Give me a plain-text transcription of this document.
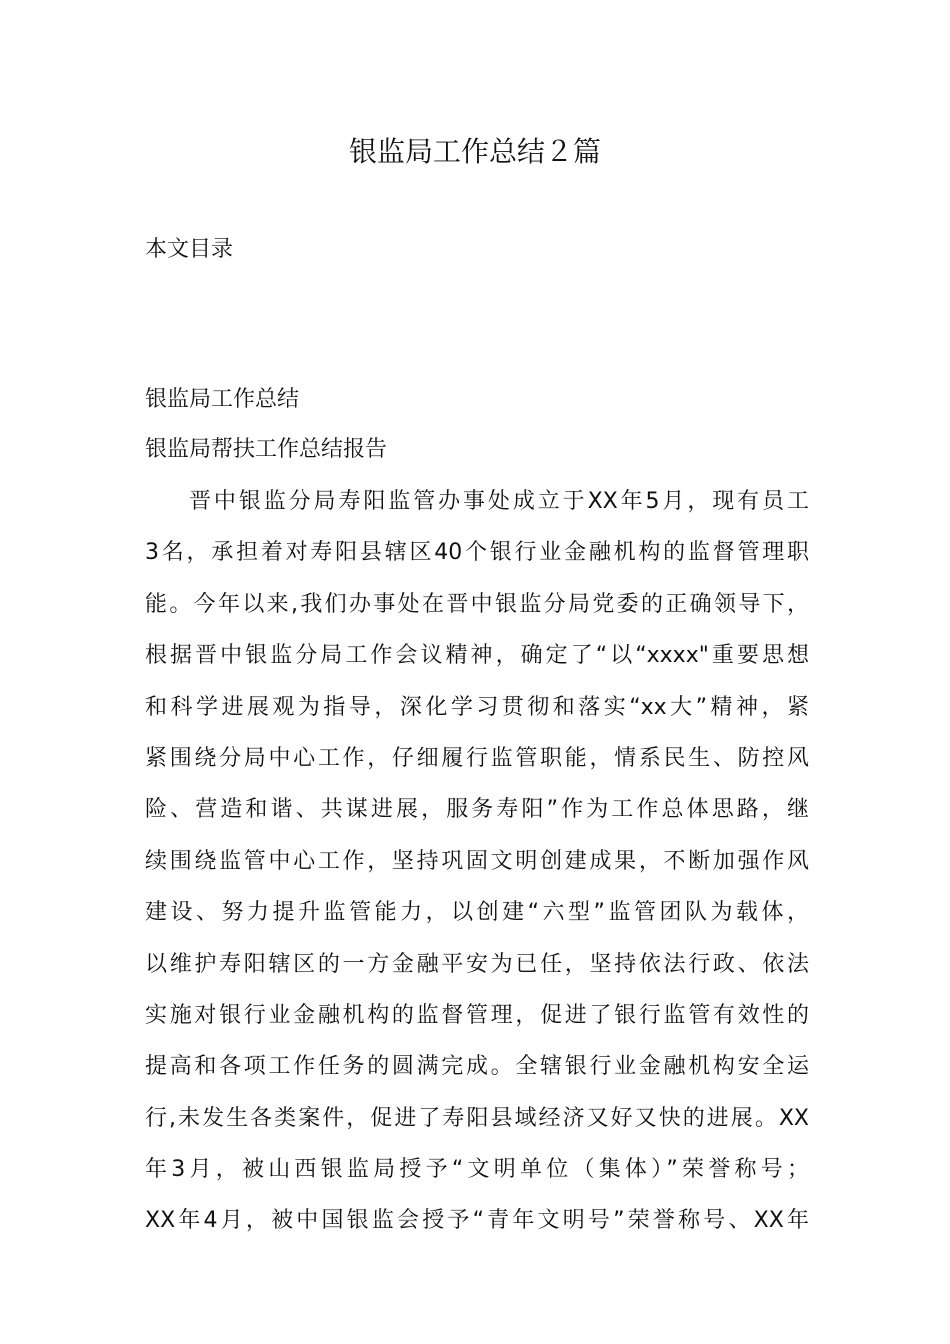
银监局工作总结２篇
本文目录
银监局工作总结
银监局帮扶工作总结报告
晋中银监分局寿阳监管办事处成立于XX年5月，现有员工
3名，承担着对寿阳县辖区40个银行业金融机构的监督管理职
能。今年以来,我们办事处在晋中银监分局党委的正确领导下，
根据晋中银监分局工作会议精神，确定了“以“xxxx"重要思想
和科学进展观为指导，深化学习贯彻和落实“xx大”精神，紧
紧围绕分局中心工作，仔细履行监管职能，情系民生、防控风
险、营造和谐、共谋进展，服务寿阳”作为工作总体思路，继
续围绕监管中心工作，坚持巩固文明创建成果，不断加强作风
建设、努力提升监管能力，以创建“六型”监管团队为载体，
以维护寿阳辖区的一方金融平安为已任，坚持依法行政、依法
实施对银行业金融机构的监督管理，促进了银行监管有效性的
提高和各项工作任务的圆满完成。全辖银行业金融机构安全运
行,未发生各类案件，促进了寿阳县域经济又好又快的进展。XX
年3月，被山西银监局授予“文明单位（集体）”荣誉称号；
XX年4月，被中国银监会授予“青年文明号”荣誉称号、XX年
